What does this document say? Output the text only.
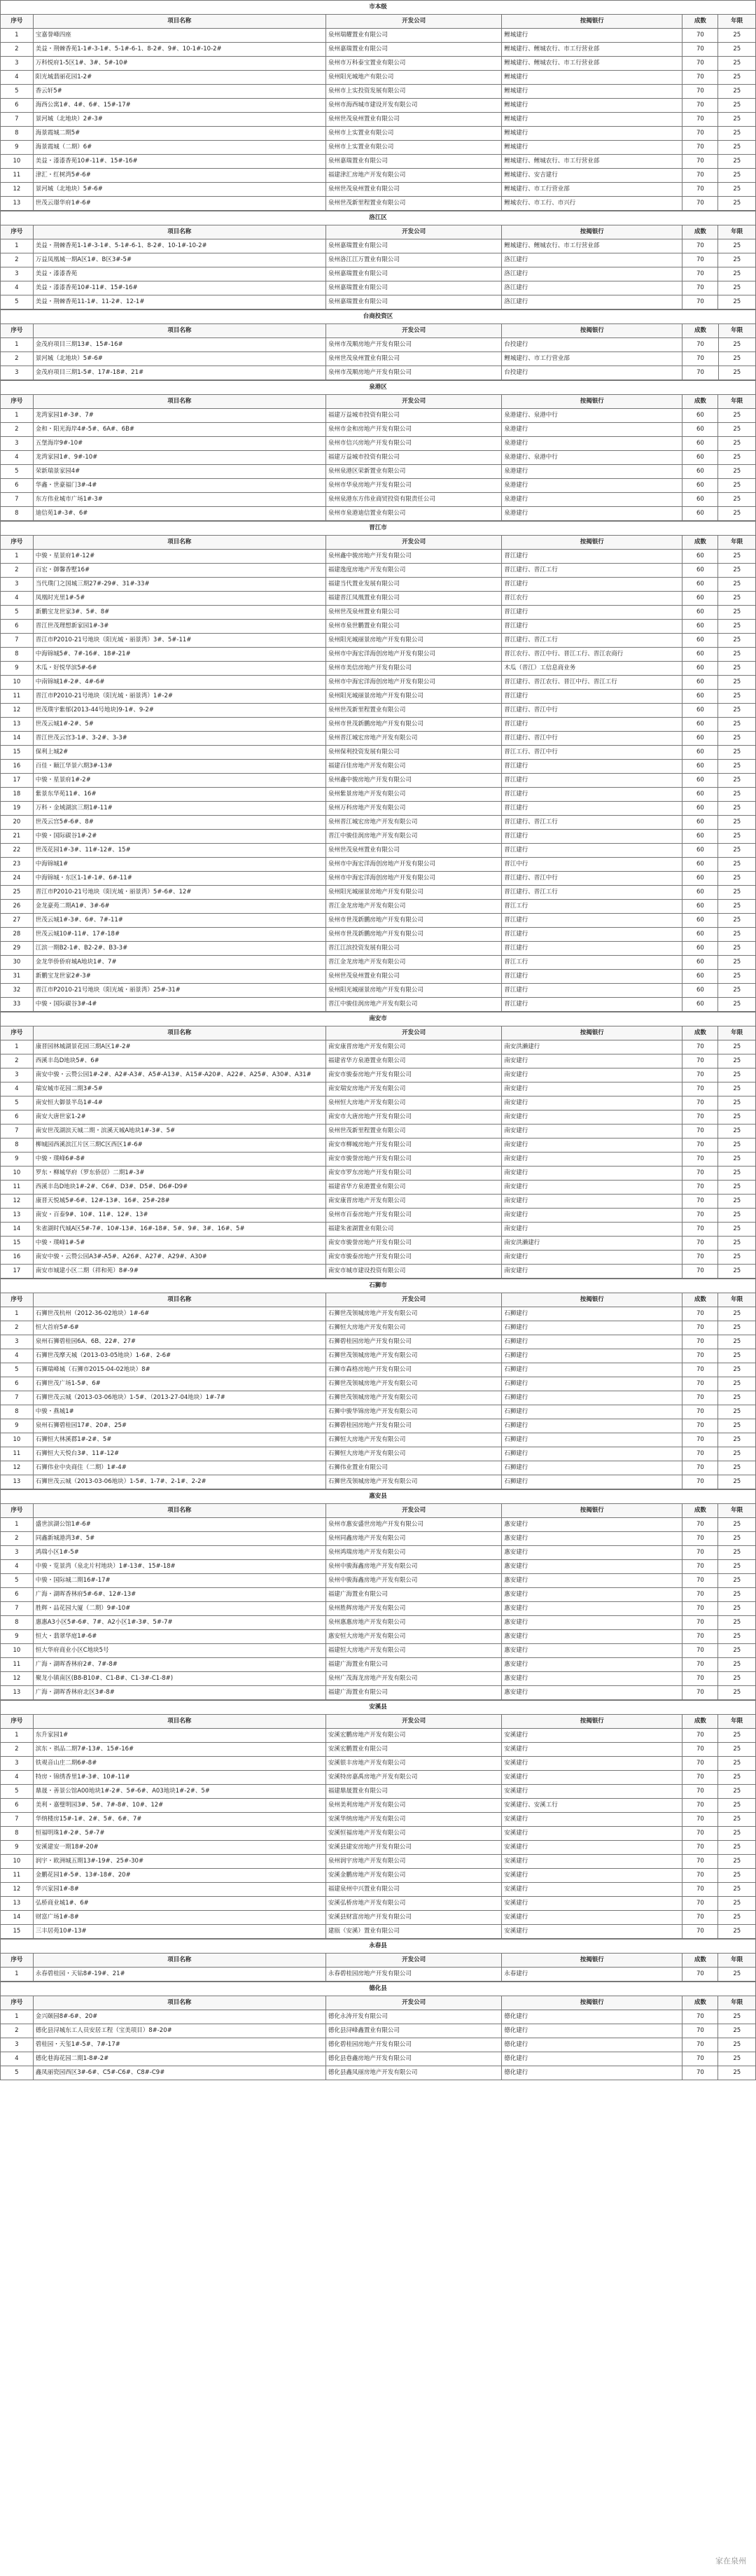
市本级					
序号	项目名称	开发公司	按揭银行	成数	年限
1	宝嘉誉峰四座	泉州瑞耀置业有限公司	鲤城建行	70	25
2	美益・荆棘香苑1-1#-3-1#、5-1#-6-1、8-2#、9#、10-1#-10-2#	泉州嘉瑞置业有限公司	鲤城建行、鲤城农行、市工行营业部	70	25
3	万科悦府1-5区1#、3#、5#-10#	泉州市万科泰宝置业有限公司	鲤城建行、鲤城农行、市工行营业部	70	25
4	阳光城翡丽花园1-2#	泉州阳光城地产有限公司	鲤城建行	70	25
5	香云轩5#	泉州市上实投资发展有限公司	鲤城建行	70	25
6	海西公寓1#、4#、6#、15#-17#	泉州市海西城市建设开发有限公司	鲤城建行	70	25
7	景河城（北地块）2#-3#	泉州世茂泉州置业有限公司	鲤城建行	70	25
8	海景霞城二期5#	泉州市上实置业有限公司	鲤城建行	70	25
9	海景霞城（二期）6#	泉州市上实置业有限公司	鲤城建行	70	25
10	美益・漆漆香苑10#-11#、15#-16#	泉州嘉瑞置业有限公司	鲤城建行、鲤城农行、市工行营业部	70	25
11	津汇・红树湾5#-6#	福建津汇房地产开发有限公司	鲤城建行、安吉建行	70	25
12	景河城（北地块）5#-6#	泉州世茂泉州置业有限公司	鲤城建行、市工行营业部	70	25
13	世茂云璟华府1#-6#	泉州世茂新里程置业有限公司	鲤城农行、市工行、市兴行	70	25
洛江区					
序号	项目名称	开发公司	按揭银行	成数	年限
1	美益・荆棘香苑1-1#-3-1#、5-1#-6-1、8-2#、10-1#-10-2#	泉州嘉瑞置业有限公司	鲤城建行、鲤城农行、市工行营业部	70	25
2	万益凤凰城一期A区1#、B区3#-5#	泉州洛江江万置业有限公司	洛江建行	70	25
3	美益・漆漆香苑	泉州嘉瑞置业有限公司	洛江建行	70	25
4	美益・漆漆香苑10#-11#、15#-16#	泉州嘉瑞置业有限公司	洛江建行	70	25
5	美益・荆棘香苑11-1#、11-2#、12-1#	泉州嘉瑞置业有限公司	洛江建行	70	25
台商投资区					
序号	项目名称	开发公司	按揭银行	成数	年限
1	金茂府项目三期13#、15#-16#	泉州市茂顺房地产开发有限公司	台投建行	70	25
2	景河城（北地块）5#-6#	泉州世茂泉州置业有限公司	鲤城建行、市工行营业部	70	25
3	金茂府项目三期1-5#、17#-18#、21#	泉州市茂顺房地产开发有限公司	台投建行	70	25
泉港区					
序号	项目名称	开发公司	按揭银行	成数	年限
1	龙湾家园1#-3#、7#	福建万益城市投资有限公司	泉港建行、泉港中行	60	25
2	金和・阳光海岸4#-5#、6A#、6B#	泉州市金和房地产开发有限公司	泉港建行	60	25
3	五堡海岸9#-10#	泉州市信兴房地产开发有限公司	泉港建行	60	25
4	龙湾家园1#、9#-10#	福建万益城市投资有限公司	泉港建行、泉港中行	60	25
5	荣新瑞景家园4#	泉州泉港区荣新置业有限公司	泉港建行	60	25
6	华鑫・世豪福门3#-4#	泉州市华泉房地产开发有限公司	泉港建行	60	25
7	东方伟业城市广场1#-3#	泉州泉港东方伟业商贸投资有限责任公司	泉港建行	60	25
8	迪信苑1#-3#、6#	泉州市泉港迪信置业有限公司	泉港建行	60	25
晋江市					
序号	项目名称	开发公司	按揭银行	成数	年限
1	中骏・星景府1#-12#	泉州鑫中骏房地产开发有限公司	晋江建行	60	25
2	百宏・御馨香墅16#	福建逸度房地产开发有限公司	晋江建行、晋江工行	60	25
3	当代璞门之国城三期27#-29#、31#-33#	福建当代置业发展有限公司	晋江建行	60	25
4	凤凰时光里1#-5#	福建晋江凤凰置业有限公司	晋江农行	60	25
5	新鹏宝龙世家3#、5#、8#	泉州世茂泉州置业有限公司	晋江建行	60	25
6	晋江世茂理想新家园1#-3#	泉州市泉世鹏置业有限公司	晋江建行	60	25
7	晋江市P2010-21号地块（阳光城・丽景湾）3#、5#-11#	泉州阳光城丽景房地产开发有限公司	晋江建行、晋江工行	60	25
8	中海锦城5#、7#-16#、18#-21#	泉州市中海宏洋海创房地产开发有限公司	晋江农行、晋江中行、晋江工行、晋江农商行	60	25
9	木瓜・好悦华滨5#-6#	泉州市美信房地产开发有限公司	木瓜（晋江）工信息商业务	60	25
10	中南锦城1#-2#、4#-6#	泉州市中海宏洋海创房地产开发有限公司	晋江建行、晋江农行、晋江中行、晋江工行	60	25
11	晋江市P2010-21号地块（阳光城・丽景湾）1#-2#	泉州阳光城丽景房地产开发有限公司	晋江建行	60	25
12	世茂璞宇紫郁(2013-44号地块)9-1#、9-2#	泉州世茂新里程置业有限公司	晋江建行、晋江中行	60	25
13	世茂云城1#-2#、5#	泉州市世茂新鹏房地产开发有限公司	晋江建行	60	25
14	晋江世茂云宫3-1#、3-2#、3-3#	泉州晋江城宏房地产开发有限公司	晋江建行、晋江中行	60	25
15	保利上城2#	泉州保利投资发展有限公司	晋江工行、晋江中行	60	25
16	百佳・颐江华景六期3#-13#	福建百佳房地产开发有限公司	晋江建行	60	25
17	中骏・星景府1#-2#	泉州鑫中骏房地产开发有限公司	晋江建行	60	25
18	紫景东华苑11#、16#	泉州紫景房地产开发有限公司	晋江建行	60	25
19	万科・金域湖滨三期1#-11#	泉州万科房地产开发有限公司	晋江建行	60	25
20	世茂云宫5#-6#、8#	泉州晋江城宏房地产开发有限公司	晋江建行、晋江工行	60	25
21	中骏・国际碳谷1#-2#	晋江中骏佳润房地产开发有限公司	晋江建行	60	25
22	世茂花园1#-3#、11#-12#、15#	泉州世茂泉州置业有限公司	晋江建行	60	25
23	中海锦城1#	泉州市中海宏洋海创房地产开发有限公司	晋江中行	60	25
24	中海锦城・东区1-1#-1#、6#-11#	泉州市中海宏洋海创房地产开发有限公司	晋江建行、晋江中行	60	25
25	晋江市P2010-21号地块（阳光城・丽景湾）5#-6#、12#	泉州阳光城丽景房地产开发有限公司	晋江建行、晋江工行	60	25
26	金龙豪苑二期A1#、3#-6#	晋江金龙房地产开发有限公司	晋江工行	60	25
27	世茂云城1#-3#、6#、7#-11#	泉州市世茂新鹏房地产开发有限公司	晋江建行	60	25
28	世茂云城10#-11#、17#-18#	泉州市世茂新鹏房地产开发有限公司	晋江建行	60	25
29	江滨一期B2-1#、B2-2#、B3-3#	晋江江滨投资发展有限公司	晋江建行	60	25
30	金龙华侨侨府城A地块1#、7#	晋江金龙房地产开发有限公司	晋江工行	60	25
31	新鹏宝龙世家2#-3#	泉州世茂泉州置业有限公司	晋江建行	60	25
32	晋江市P2010-21号地块（阳光城・丽景湾）25#-31#	泉州阳光城丽景房地产开发有限公司	晋江建行	60	25
33	中骏・国际碳谷3#-4#	晋江中骏佳润房地产开发有限公司	晋江建行	60	25
南安市					
序号	项目名称	开发公司	按揭银行	成数	年限
1	康晋园林城湖景花园三期A区1#-2#	南安康晋房地产开发有限公司	南安洪濑建行	70	25
2	西溪丰岛D地块5#、6#	福建省华方泉港置业有限公司	南安建行	70	25
3	南安中骏・云赞公园1#-2#、A2#-A3#、A5#-A13#、A15#-A20#、A22#、A25#、A30#、A31#	南安市骏泰房地产开发有限公司	南安建行	70	25
4	瑞安城市花园二期3#-5#	南安瑞安房地产开发有限公司	南安建行	70	25
5	南安恒大御景半岛1#-4#	泉州恒大房地产开发有限公司	南安建行	70	25
6	南安大唐世家1-2#	南安市大唐房地产开发有限公司	南安建行	70	25
7	南安世茂湖滨天城二期・滨溪天城A地块1#-3#、5#	泉州世茂新里程置业有限公司	南安建行	70	25
8	柳城园西溪滨江片区三期C区西区1#-6#	南安市柳城房地产开发有限公司	南安建行	70	25
9	中骏・璞峰6#-8#	南安市骏誉房地产开发有限公司	南安建行	70	25
10	罗东・柳城华府（罗东侨居）二期1#-3#	南安市罗东房地产开发有限公司	南安建行	70	25
11	西溪丰岛D地块1#-2#、C6#、D3#、D5#、D6#-D9#	福建省华方泉港置业有限公司	南安建行	70	25
12	康晋天悦城5#-6#、12#-13#、16#、25#-28#	南安康晋房地产开发有限公司	南安建行	70	25
13	南安・百泰9#、10#、11#、12#、13#	泉州市百泰房地产开发有限公司	南安建行	70	25
14	朱雀湖时代城A区5#-7#、10#-13#、16#-18#、5#、9#、3#、16#、5#	福建朱雀湖置业有限公司	南安建行	70	25
15	中骏・璞峰1#-5#	南安市骏誉房地产开发有限公司	南安洪濑建行	70	25
16	南安中骏・云赞公园A3#-A5#、A26#、A27#、A29#、A30#	南安市骏泰房地产开发有限公司	南安建行	70	25
17	南安市城建小区二期（祥和苑）8#-9#	南安市城市建设投资有限公司	南安建行	70	25
石狮市					
序号	项目名称	开发公司	按揭银行	成数	年限
1	石狮世茂杭州（2012-36-02地块）1#-6#	石狮世茂领城房地产开发有限公司	石狮建行	70	25
2	恒大首府5#-6#	石狮恒大房地产开发有限公司	石狮建行	70	25
3	泉州石狮碧桂园6A、6B、22#、27#	石狮碧桂园房地产开发有限公司	石狮建行	70	25
4	石狮世茂摩天城（2013-03-05地块）1-6#、2-6#	石狮世茂领城房地产开发有限公司	石狮建行	70	25
5	石狮瑞峰城（石狮市2015-04-02地块）8#	石狮市森格房地产开发有限公司	石狮建行	70	25
6	石狮世茂广场1-5#、6#	石狮世茂领城房地产开发有限公司	石狮建行	70	25
7	石狮世茂云城（2013-03-06地块）1-5#、（2013-27-04地块）1#-7#	石狮世茂领城房地产开发有限公司	石狮建行	70	25
8	中骏・燕城1#	石狮中骏华锦房地产开发有限公司	石狮建行	70	25
9	泉州石狮碧桂园17#、20#、25#	石狮碧桂园房地产开发有限公司	石狮建行	70	25
10	石狮恒大林溪郡1#-2#、5#	石狮恒大房地产开发有限公司	石狮建行	70	25
11	石狮恒大天悦台3#、11#-12#	石狮恒大房地产开发有限公司	石狮建行	70	25
12	石狮伟业中央商住（二期）1#-4#	石狮伟业置业有限公司	石狮建行	70	25
13	石狮世茂云城（2013-03-06地块）1-5#、1-7#、2-1#、2-2#	石狮世茂领城房地产开发有限公司	石狮建行	70	25
惠安县					
序号	项目名称	开发公司	按揭银行	成数	年限
1	盛世滨湖公馆1#-6#	泉州市惠安盛世房地产开发有限公司	惠安建行	70	25
2	同鑫新城港湾3#、5#	泉州同鑫房地产开发有限公司	惠安建行	70	25
3	鸿瑞小区1#-5#	泉州鸿瑞房地产开发有限公司	惠安建行	70	25
4	中骏・览景湾（泉北片村地块）1#-13#、15#-18#	泉州中骏海鑫房地产开发有限公司	惠安建行	70	25
5	中骏・国际城二期16#-17#	泉州中骏海鑫房地产开发有限公司	惠安建行	70	25
6	广海・湖晖香林府5#-6#、12#-13#	福建广海置业有限公司	惠安建行	70	25
7	胜辉・品花园大厦（二期）9#-10#	泉州胜辉房地产开发有限公司	惠安建行	70	25
8	惠惠A3小区5#-6#、7#、A2小区1#-3#、5#-7#	泉州惠惠房地产开发有限公司	惠安建行	70	25
9	恒大・翡翠华庭1#-6#	惠安恒大房地产开发有限公司	惠安建行	70	25
10	恒大华府商业小区C地块5号	福建恒大房地产开发有限公司	惠安建行	70	25
11	广海・湖晖香林府2#、7#-8#	福建广海置业有限公司	惠安建行	70	25
12	聚龙小镇南区(B8-B10#、C1-B#、C1-3#-C1-8#)	泉州广茂海龙房地产开发有限公司	惠安建行	70	25
13	广海・湖晖香林府北区3#-8#	福建广海置业有限公司	惠安建行	70	25
安溪县					
序号	项目名称	开发公司	按揭银行	成数	年限
1	东升家园1#	安溪宏鹏房地产开发有限公司	安溪建行	70	25
2	滨东・祺品二期7#-13#、15#-16#	安溪宏鹏置业有限公司	安溪建行	70	25
3	铁观音山庄二期6#-8#	安溪银丰房地产开发有限公司	安溪建行	70	25
4	特房・锦绣香里1#-3#、10#-11#	安溪特房嘉禹房地产开发有限公司	安溪建行	70	25
5	鼎晟・善景公馆A00地块1#-2#、5#-6#、A03地块1#-2#、5#	福建鼎晟置业有限公司	安溪建行	70	25
6	美利・嘉璧明园3#、5#、7#-8#、10#、12#	泉州美利房地产开发有限公司	安溪建行、安溪工行	70	25
7	华纳楼房15#-1#、2#、5#、6#、7#	安溪华纳房地产开发有限公司	安溪建行	70	25
8	恒福明珠1#-2#、5#-7#	安溪恒福房地产开发有限公司	安溪建行	70	25
9	安溪建安一期18#-20#	安溪县建安房地产开发有限公司	安溪建行	70	25
10	润宇・欧洲城五期13#-19#、25#-30#	泉州润宇房地产开发有限公司	安溪建行	70	25
11	金鹏花园1#-5#、13#-18#、20#	安溪金鹏房地产开发有限公司	安溪建行	70	25
12	华兴家园1#-8#	福建泉州中兴置业有限公司	安溪建行	70	25
13	弘桥商业城1#、6#	安溪弘桥房地产开发有限公司	安溪建行	70	25
14	财富广场1#-8#	安溪县财富房地产开发有限公司	安溪建行	70	25
15	三丰居苑10#-13#	建瓯（安溪）置业有限公司	安溪建行	70	25
永春县					
序号	项目名称	开发公司	按揭银行	成数	年限
1	永春碧桂园・天钻8#-19#、21#	永春碧桂园房地产开发有限公司	永春建行	70	25
德化县					
序号	项目名称	开发公司	按揭银行	成数	年限
1	金兴颐园8#-6#、20#	德化永涛开发有限公司	德化建行	70	25
2	德化县浔城东工人员安居工程（宝美项目）8#-20#	德化县浔峰鑫置业有限公司	德化建行	70	25
3	碧桂园・天玺1#-5#、7#-17#	德化碧桂园房地产开发有限公司	德化建行	70	25
4	德化巷海花园二期1-8#-2#	德化县巷鑫房地产开发有限公司	德化建行	70	25
5	鑫凤丽瓷园西区3#-6#、C5#-C6#、C8#-C9#	德化县鑫凤丽房地产开发有限公司	德化建行	70	25
家在泉州
